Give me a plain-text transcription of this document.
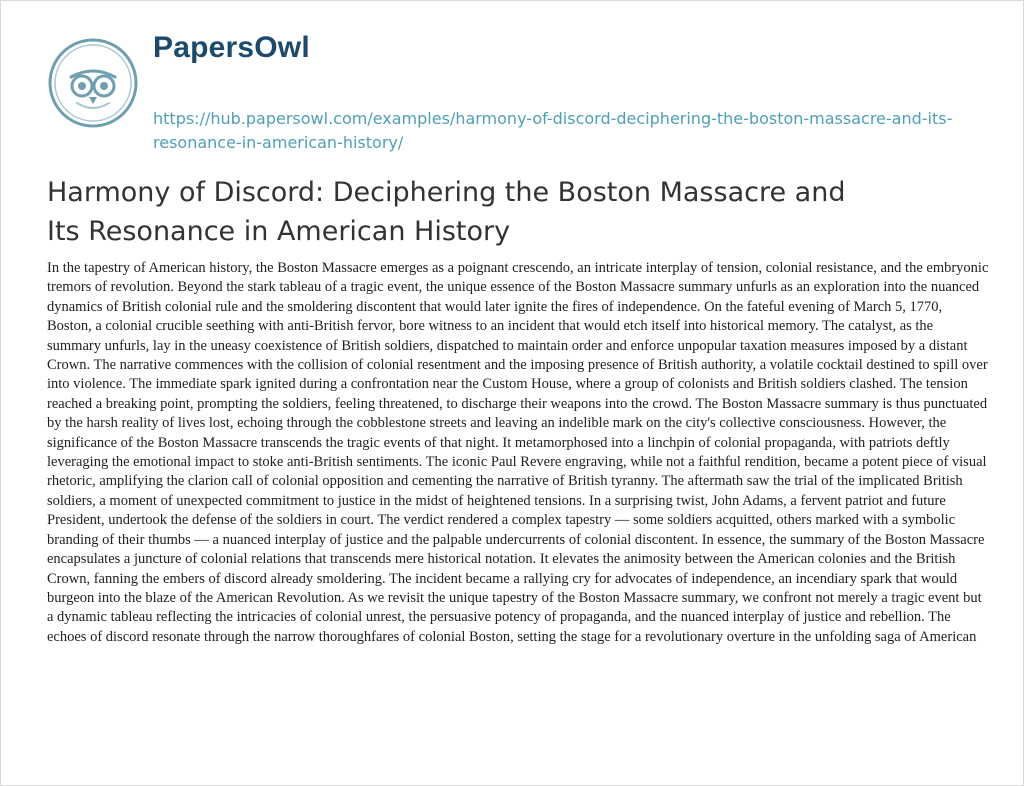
PapersOwl
https://hub.papersowl.com/examples/harmony-of-discord-deciphering-the-boston-massacre-and-its-resonance-in-american-history/
Harmony of Discord: Deciphering the Boston Massacre and Its Resonance in American History
In the tapestry of American history, the Boston Massacre emerges as a poignant crescendo, an intricate interplay of tension, colonial resistance, and the embryonic tremors of revolution. Beyond the stark tableau of a tragic event, the unique essence of the Boston Massacre summary unfurls as an exploration into the nuanced dynamics of British colonial rule and the smoldering discontent that would later ignite the fires of independence. On the fateful evening of March 5, 1770, Boston, a colonial crucible seething with anti-British fervor, bore witness to an incident that would etch itself into historical memory. The catalyst, as the summary unfurls, lay in the uneasy coexistence of British soldiers, dispatched to maintain order and enforce unpopular taxation measures imposed by a distant Crown. The narrative commences with the collision of colonial resentment and the imposing presence of British authority, a volatile cocktail destined to spill over into violence. The immediate spark ignited during a confrontation near the Custom House, where a group of colonists and British soldiers clashed. The tension reached a breaking point, prompting the soldiers, feeling threatened, to discharge their weapons into the crowd. The Boston Massacre summary is thus punctuated by the harsh reality of lives lost, echoing through the cobblestone streets and leaving an indelible mark on the city's collective consciousness. However, the significance of the Boston Massacre transcends the tragic events of that night. It metamorphosed into a linchpin of colonial propaganda, with patriots deftly leveraging the emotional impact to stoke anti-British sentiments. The iconic Paul Revere engraving, while not a faithful rendition, became a potent piece of visual rhetoric, amplifying the clarion call of colonial opposition and cementing the narrative of British tyranny. The aftermath saw the trial of the implicated British soldiers, a moment of unexpected commitment to justice in the midst of heightened tensions. In a surprising twist, John Adams, a fervent patriot and future President, undertook the defense of the soldiers in court. The verdict rendered a complex tapestry — some soldiers acquitted, others marked with a symbolic branding of their thumbs — a nuanced interplay of justice and the palpable undercurrents of colonial discontent. In essence, the summary of the Boston Massacre encapsulates a juncture of colonial relations that transcends mere historical notation. It elevates the animosity between the American colonies and the British Crown, fanning the embers of discord already smoldering. The incident became a rallying cry for advocates of independence, an incendiary spark that would burgeon into the blaze of the American Revolution. As we revisit the unique tapestry of the Boston Massacre summary, we confront not merely a tragic event but a dynamic tableau reflecting the intricacies of colonial unrest, the persuasive potency of propaganda, and the nuanced interplay of justice and rebellion. The echoes of discord resonate through the narrow thoroughfares of colonial Boston, setting the stage for a revolutionary overture in the unfolding saga of American
